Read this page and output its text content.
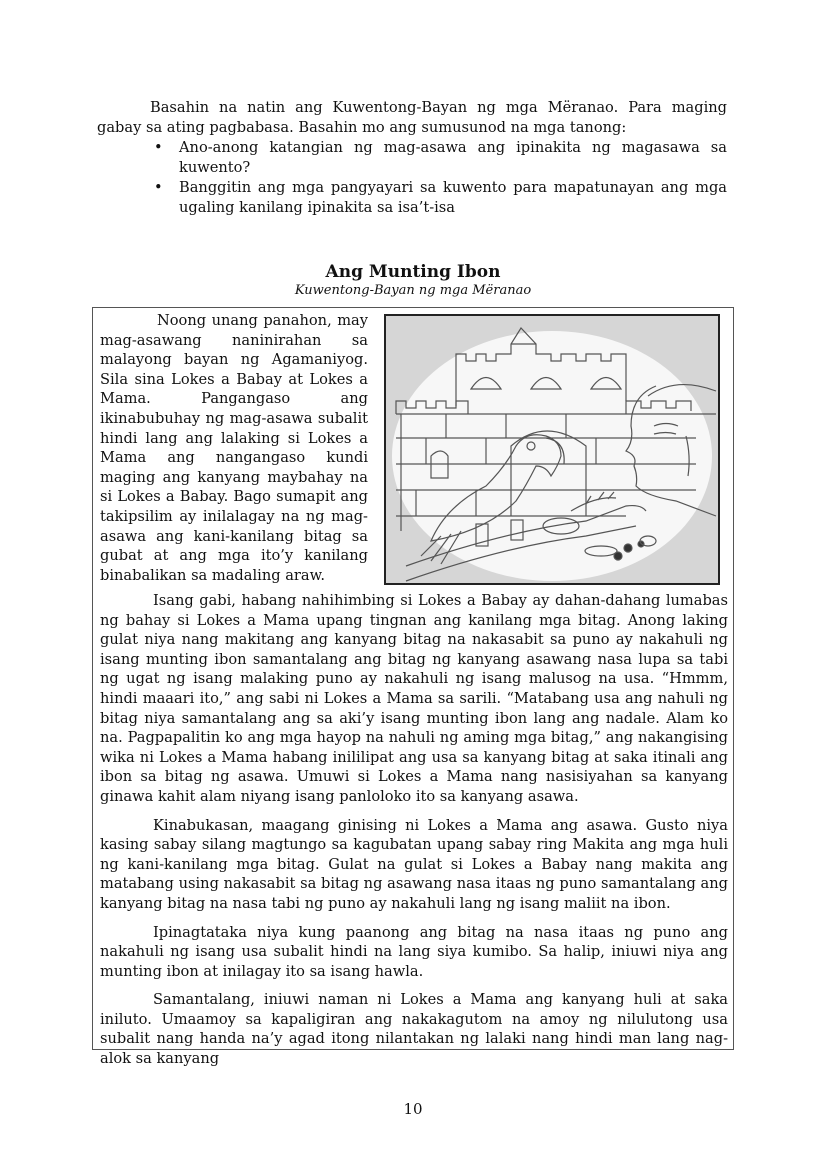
Basahin na natin ang Kuwentong-Bayan ng mga Mëranao. Para maging gabay sa ating pagbabasa. Basahin mo ang sumusunod na mga tanong:

• Ano-anong katangian ng mag-asawa ang ipinakita ng magasawa sa kuwento?
• Banggitin ang mga pangyayari sa kuwento para mapatunayan ang mga ugaling kanilang ipinakita sa isa’t-isa
Ang Munting Ibon
Kuwentong-Bayan ng mga Mëranao

Noong unang panahon, may mag-asawang naninirahan sa malayong bayan ng Agamaniyog. Sila sina Lokes a Babay at Lokes a Mama. Pangangaso ang ikinabubuhay ng mag-asawa subalit hindi lang ang lalaking si Lokes a Mama ang nangangaso kundi maging ang kanyang maybahay na si Lokes a Babay. Bago sumapit ang takipsilim ay inilalagay na ng mag-asawa ang kani-kanilang bitag sa gubat at ang mga ito’y kanilang binabalikan sa madaling araw.

Isang gabi, habang nahihimbing si Lokes a Babay ay dahan-dahang lumabas ng bahay si Lokes a Mama upang tingnan ang kanilang mga bitag. Anong laking gulat niya nang makitang ang kanyang bitag na nakasabit sa puno ay nakahuli ng isang munting ibon samantalang ang bitag ng kanyang asawang nasa lupa sa tabi ng ugat ng isang malaking puno ay nakahuli ng isang malusog na usa. “Hmmm, hindi maaari ito,” ang sabi ni Lokes a Mama sa sarili. “Matabang usa ang nahuli ng bitag niya samantalang ang sa aki’y isang munting ibon lang ang nadale. Alam ko na. Pagpapalitin ko ang mga hayop na nahuli ng aming mga bitag,” ang nakangising wika ni Lokes a Mama habang inililipat ang usa sa kanyang bitag at saka itinali ang ibon sa bitag ng asawa. Umuwi si Lokes a Mama nang nasisiyahan sa kanyang ginawa kahit alam niyang isang panloloko ito sa kanyang asawa.

Kinabukasan, maagang ginising ni Lokes a Mama ang asawa. Gusto niya kasing sabay silang magtungo sa kagubatan upang sabay ring Makita ang mga huli ng kani-kanilang mga bitag. Gulat na gulat si Lokes a Babay nang makita ang matabang using nakasabit sa bitag ng asawang nasa itaas ng puno samantalang ang kanyang bitag na nasa tabi ng puno ay nakahuli lang ng isang maliit na ibon.

Ipinagtataka niya kung paanong ang bitag na nasa itaas ng puno ang nakahuli ng isang usa subalit hindi na lang siya kumibo. Sa halip, iniuwi niya ang munting ibon at inilagay ito sa isang hawla.

Samantalang, iniuwi naman ni Lokes a Mama ang kanyang huli at saka iniluto. Umaamoy sa kapaligiran ang nakakagutom na amoy ng nilulutong usa subalit nang handa na’y agad itong nilantakan ng lalaki nang hindi man lang nag-alok sa kanyang

10
